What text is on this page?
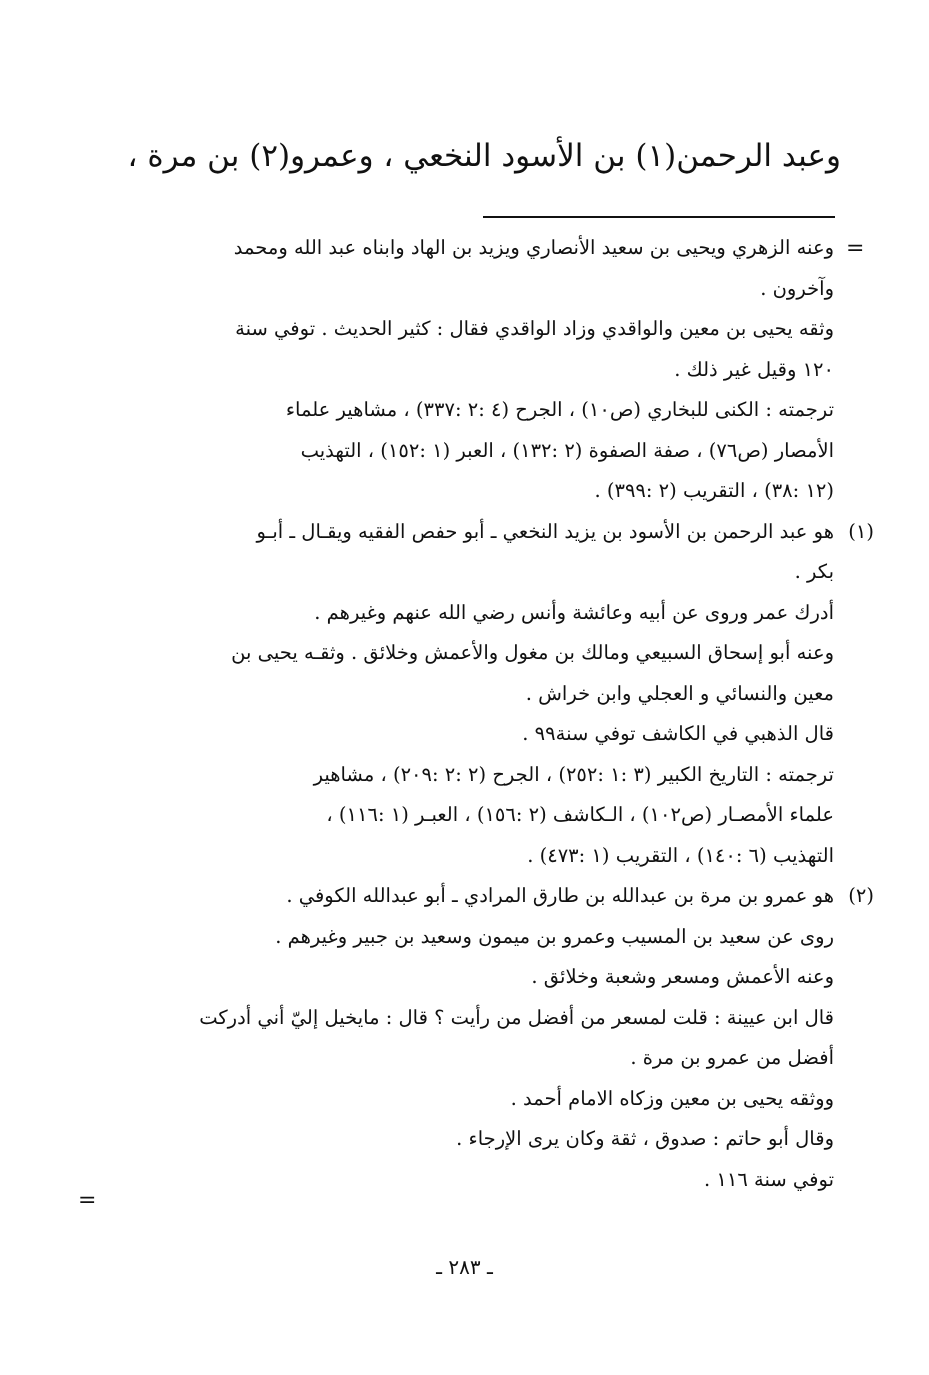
وعبد الرحمن(١) بن الأسود النخعي ، وعمرو(٢) بن مرة ،
=
وعنه الزهري ويحيى بن سعيد الأنصاري ويزيد بن الهاد وابناه عبد الله ومحمد
وآخرون .
وثقه يحيى بن معين والواقدي وزاد الواقدي فقال : كثير الحديث . توفي سنة
١٢٠ وقيل غير ذلك .
ترجمته : الكنى للبخاري (ص١٠) ، الجرح (٤ :٢ :٣٣٧) ، مشاهير علماء
الأمصار (ص٧٦) ، صفة الصفوة (٢ :١٣٢) ، العبر (١ :١٥٢) ، التهذيب
(١٢ :٣٨) ، التقريب (٢ :٣٩٩) .
(١)
هو عبد الرحمن بن الأسود بن يزيد النخعي ـ أبو حفص الفقيه ويقـال ـ أبـو
بكر .
أدرك عمر وروى عن أبيه وعائشة وأنس رضي الله عنهم وغيرهم .
وعنه أبو إسحاق السبيعي ومالك بن مغول والأعمش وخلائق . وثقـه يحيى بن
معين والنسائي و العجلي وابن خراش .
قال الذهبي في الكاشف توفي سنة٩٩ .
ترجمته : التاريخ الكبير (٣ :١ :٢٥٢) ، الجرح (٢ :٢ :٢٠٩) ، مشاهير
علماء الأمصـار (ص١٠٢) ، الـكاشف (٢ :١٥٦) ، العبـر (١ :١١٦) ،
التهذيب (٦ :١٤٠) ، التقريب (١ :٤٧٣) .
(٢)
هو عمرو بن مرة بن عبدالله بن طارق المرادي ـ أبو عبدالله الكوفي .
روى عن سعيد بن المسيب وعمرو بن ميمون وسعيد بن جبير وغيرهم .
وعنه الأعمش ومسعر وشعبة وخلائق .
قال ابن عيينة : قلت لمسعر من أفضل من رأيت ؟ قال : مايخيل إليّ أني أدركت
أفضل من عمرو بن مرة .
ووثقه يحيى بن معين وزكاه الامام أحمد .
وقال أبو حاتم : صدوق ، ثقة وكان يرى الإرجاء .
توفي سنة ١١٦ .
=
ـ ٢٨٣ ـ
